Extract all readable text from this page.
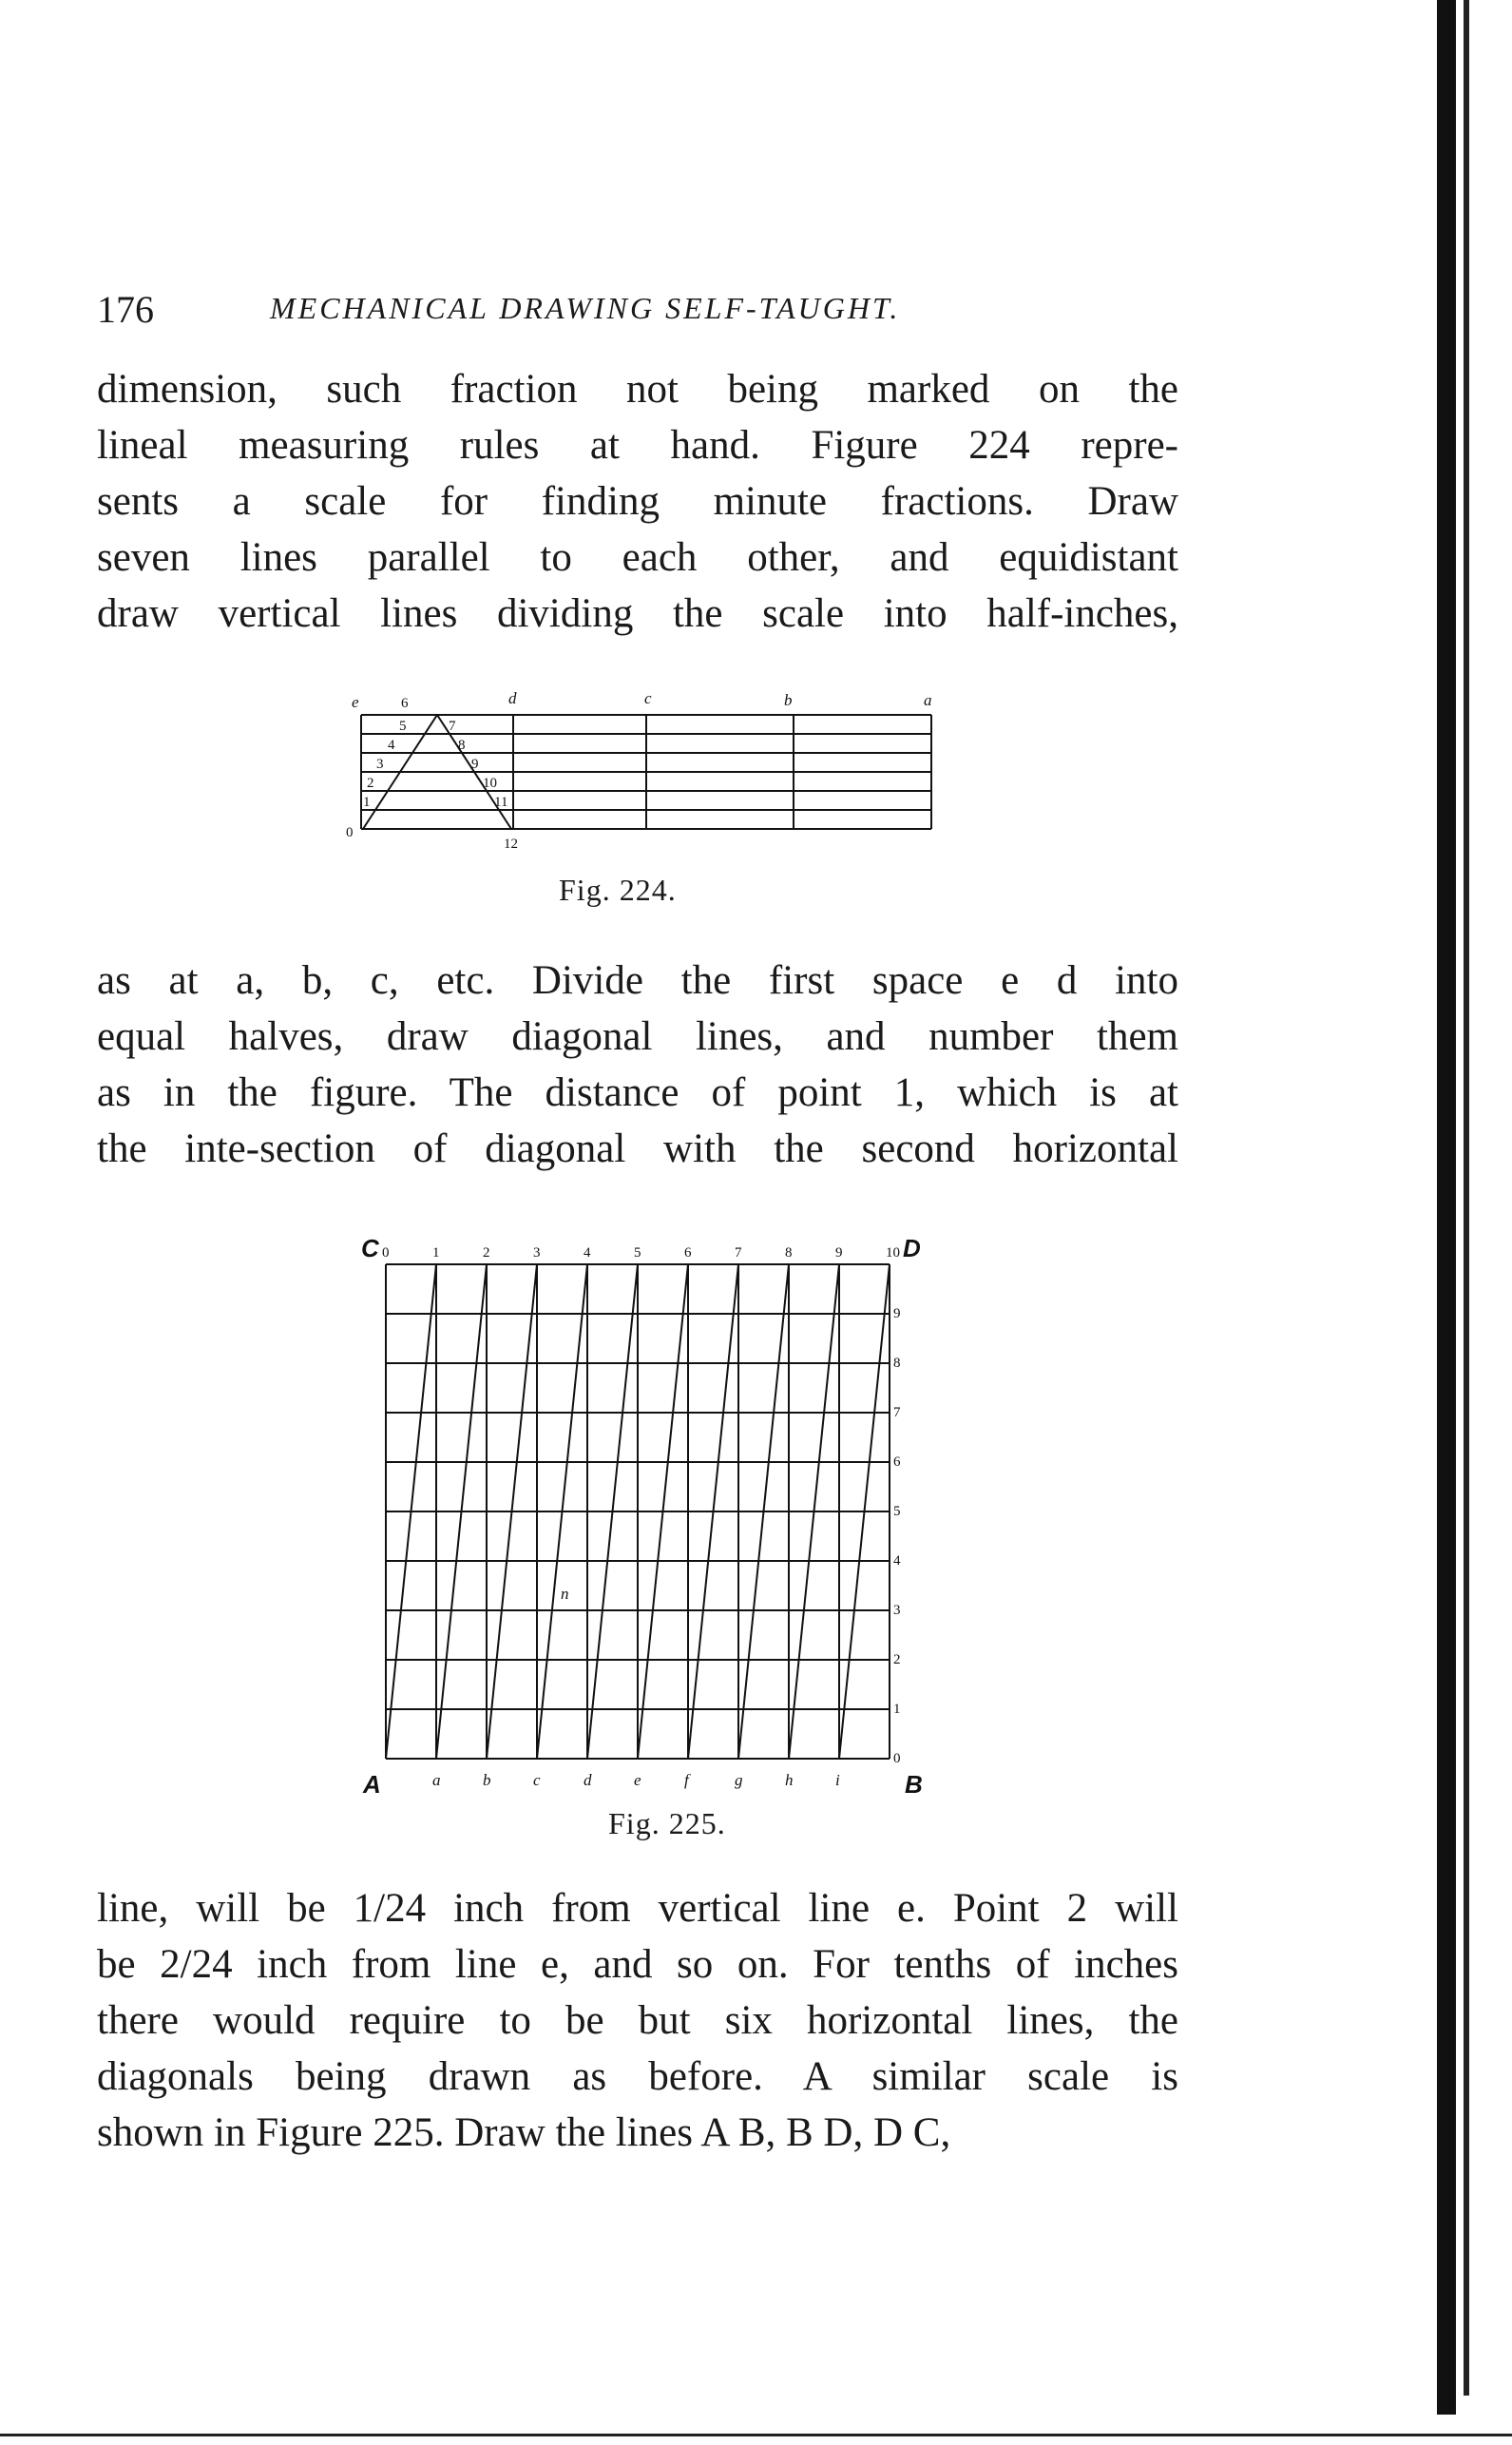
176	MECHANICAL DRAWING SELF-TAUGHT.
dimension, such fraction not being marked on the
lineal measuring rules at hand. Figure 224 repre-
sents a scale for finding minute fractions. Draw
seven lines parallel to each other, and equidistant
draw vertical lines dividing the scale into half-inches,
e	6	d	c	b	a
5
4
3
2
1
7
8
9
10
11
0
12
Fig. 224.
as at a, b, c, etc. Divide the first space e d into
equal halves, draw diagonal lines, and number them
as in the figure. The distance of point 1, which is at
the inte-section of diagonal with the second horizontal
0	1	2	3	4	5	6	7	8	9	10
9
8
7
6
5
4
3
2
1
0
a	b	c	d	e	f	g	h	i
C	D
A	B
n
Fig. 225.
line, will be 1/24 inch from vertical line e. Point 2 will
be 2/24 inch from line e, and so on. For tenths of inches
there would require to be but six horizontal lines, the
diagonals being drawn as before. A similar scale is
shown in Figure 225. Draw the lines A B, B D, D C,
